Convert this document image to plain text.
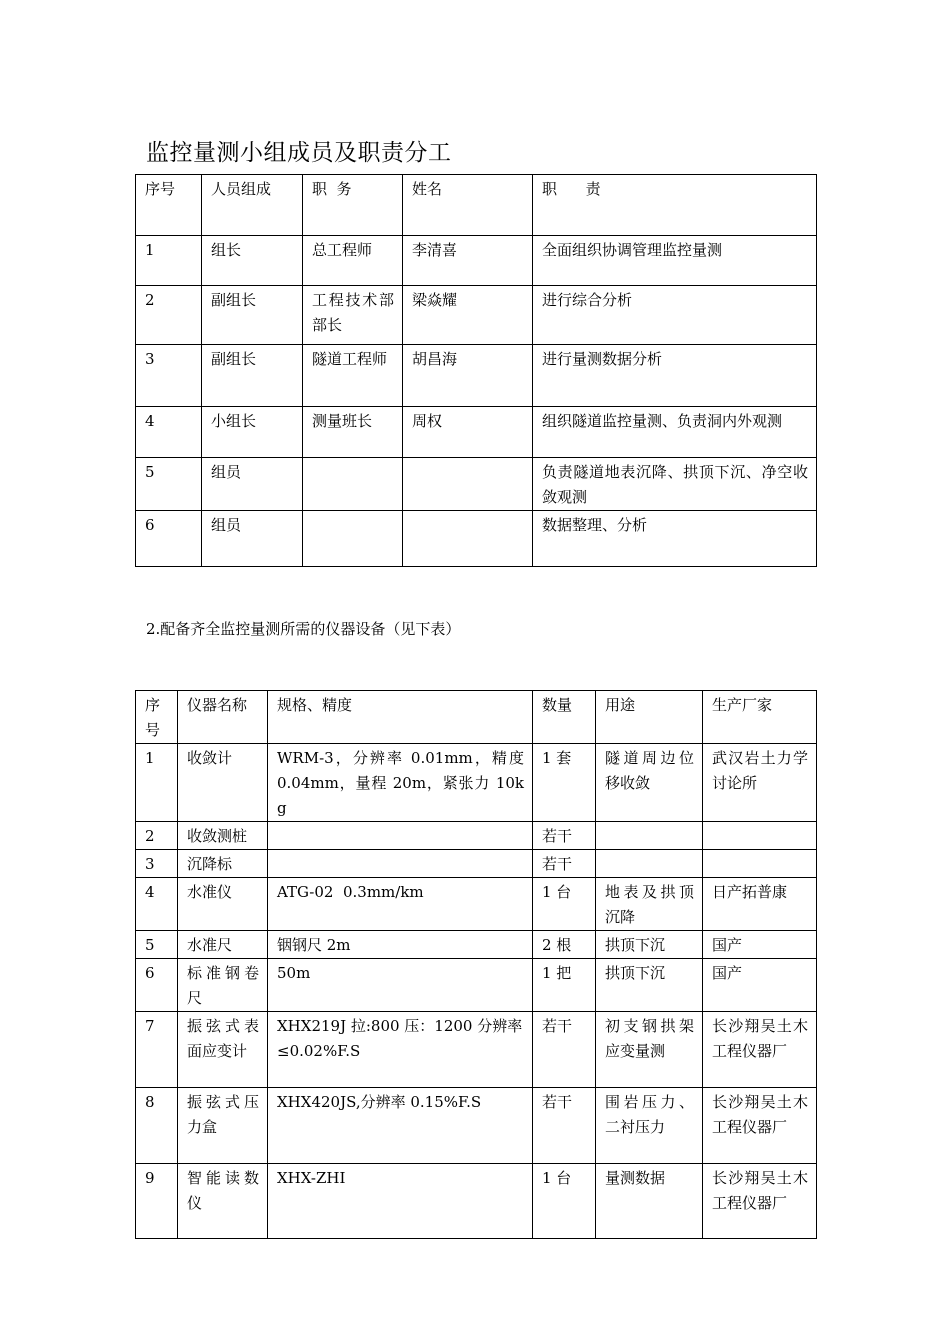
监控量测小组成员及职责分工
序号	人员组成	职  务	姓名	职      责
1	组长	总工程师	李清喜	全面组织协调管理监控量测
2	副组长	工程技术部部长	梁焱耀	进行综合分析
3	副组长	隧道工程师	胡昌海	进行量测数据分析
4	小组长	测量班长	周权	组织隧道监控量测、负责洞内外观测
5	组员			负责隧道地表沉降、拱顶下沉、净空收敛观测
6	组员			数据整理、分析
2.配备齐全监控量测所需的仪器设备（见下表）
序号	仪器名称	规格、精度	数量	用途	生产厂家
1	收敛计	WRM-3，分辨率 0.01mm，精度 0.04mm，量程 20m，紧张力 10kg	1 套	隧道周边位移收敛	武汉岩土力学讨论所
2	收敛测桩		若干		
3	沉降标		若干		
4	水准仪	ATG-02  0.3mm/km	1 台	地表及拱顶沉降	日产拓普康
5	水准尺	铟钢尺 2m	2 根	拱顶下沉	国产
6	标准钢卷尺	50m	1 把	拱顶下沉	国产
7	振弦式表面应变计	XHX219J 拉:800 压：1200 分辨率≤0.02%F.S	若干	初支钢拱架应变量测	长沙翔吴土木工程仪器厂
8	振弦式压力盒	XHX420JS,分辨率 0.15%F.S	若干	围岩压力、二衬压力	长沙翔吴土木工程仪器厂
9	智能读数仪	XHX-ZHI	1 台	量测数据	长沙翔吴土木工程仪器厂
